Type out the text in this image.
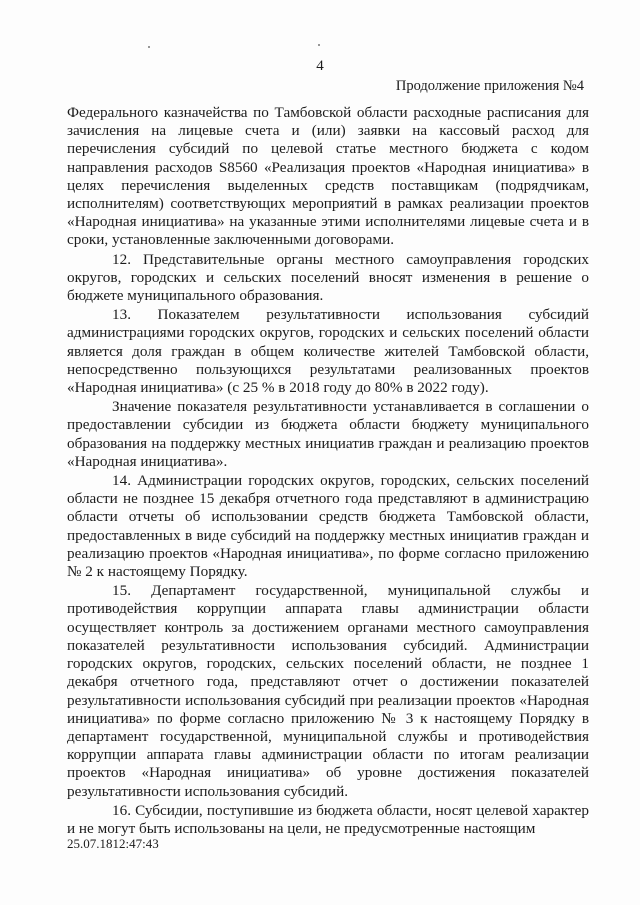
4
Продолжение приложения №4

Федерального казначейства по Тамбовской области расходные расписания для зачисления на лицевые счета и (или) заявки на кассовый расход для перечисления субсидий по целевой статье местного бюджета с кодом направления расходов S8560 «Реализация проектов «Народная инициатива» в целях перечисления выделенных средств поставщикам (подрядчикам, исполнителям) соответствующих мероприятий в рамках реализации проектов «Народная инициатива» на указанные этими исполнителями лицевые счета и в сроки, установленные заключенными договорами.

12. Представительные органы местного самоуправления городских округов, городских и сельских поселений вносят изменения в решение о бюджете муниципального образования.

13. Показателем результативности использования субсидий администрациями городских округов, городских и сельских поселений области является доля граждан в общем количестве жителей Тамбовской области, непосредственно пользующихся результатами реализованных проектов «Народная инициатива» (с 25 % в 2018 году до 80% в 2022 году).

Значение показателя результативности устанавливается в соглашении о предоставлении субсидии из бюджета области бюджету муниципального образования на поддержку местных инициатив граждан и реализацию проектов «Народная инициатива».

14. Администрации городских округов, городских, сельских поселений области не позднее 15 декабря отчетного года представляют в администрацию области отчеты об использовании средств бюджета Тамбовской области, предоставленных в виде субсидий на поддержку местных инициатив граждан и реализацию проектов «Народная инициатива», по форме согласно приложению № 2 к настоящему Порядку.

15. Департамент государственной, муниципальной службы и противодействия коррупции аппарата главы администрации области осуществляет контроль за достижением органами местного самоуправления показателей результативности использования субсидий. Администрации городских округов, городских, сельских поселений области, не позднее 1 декабря отчетного года, представляют отчет о достижении показателей результативности использования субсидий при реализации проектов «Народная инициатива» по форме согласно приложению № 3 к настоящему Порядку в департамент государственной, муниципальной службы и противодействия коррупции аппарата главы администрации области по итогам реализации проектов «Народная инициатива» об уровне достижения показателей результативности использования субсидий.

16. Субсидии, поступившие из бюджета области, носят целевой характер и не могут быть использованы на цели, не предусмотренные настоящим

25.07.1812:47:43
